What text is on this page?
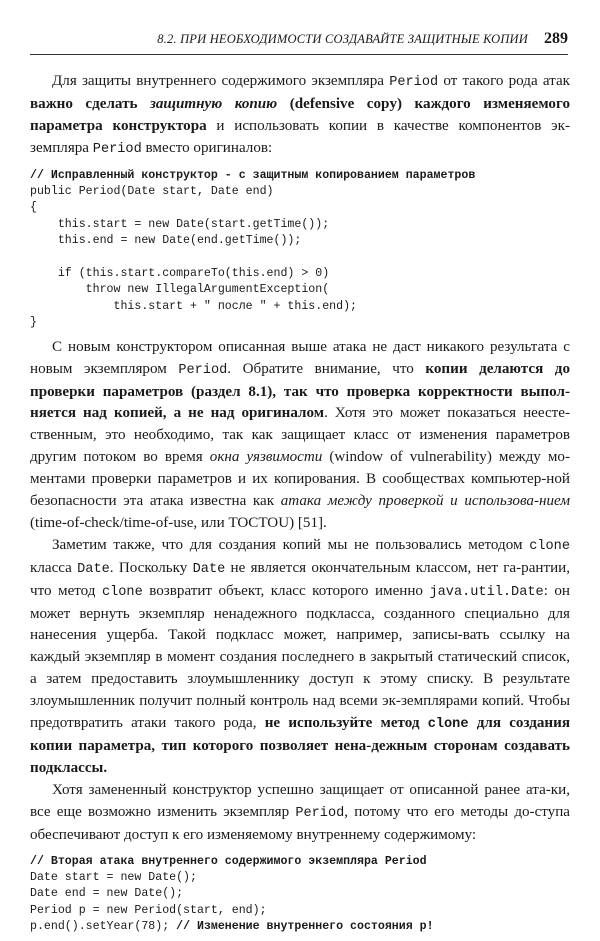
8.2. ПРИ НЕОБХОДИМОСТИ СОЗДАВАЙТЕ ЗАЩИТНЫЕ КОПИИ 289

Для защиты внутреннего содержимого экземпляра Period от такого рода атак важно сделать защитную копию (defensive copy) каждого изменяемого параметра конструктора и использовать копии в качестве компонентов эк-земпляра Period вместо оригиналов:

// Исправленный конструктор - с защитным копированием параметров
public Period(Date start, Date end)
{
this.start = new Date(start.getTime());
this.end = new Date(end.getTime());

if (this.start.compareTo(this.end) > 0)
throw new IllegalArgumentException(
this.start + " после " + this.end);
}

С новым конструктором описанная выше атака не даст никакого результата с новым экземпляром Period. Обратите внимание, что копии делаются до проверки параметров (раздел 8.1), так что проверка корректности выпол-няется над копией, а не над оригиналом. Хотя это может показаться неесте-ственным, это необходимо, так как защищает класс от изменения параметров другим потоком во время окна уязвимости (window of vulnerability) между мо-ментами проверки параметров и их копирования. В сообществах компьютер-ной безопасности эта атака известна как атака между проверкой и использова-нием (time-of-check/time-of-use, или TOCTOU) [51].

Заметим также, что для создания копий мы не пользовались методом clone класса Date. Поскольку Date не является окончательным классом, нет га-рантии, что метод clone возвратит объект, класс которого именно java.util.Date: он может вернуть экземпляр ненадежного подкласса, созданного специально для нанесения ущерба. Такой подкласс может, например, записы-вать ссылку на каждый экземпляр в момент создания последнего в закрытый статический список, а затем предоставить злоумышленнику доступ к этому списку. В результате злоумышленник получит полный контроль над всеми эк-земплярами копий. Чтобы предотвратить атаки такого рода, не используйте метод clone для создания копии параметра, тип которого позволяет нена-дежным сторонам создавать подклассы.

Хотя замененный конструктор успешно защищает от описанной ранее ата-ки, все еще возможно изменить экземпляр Period, потому что его методы до-ступа обеспечивают доступ к его изменяемому внутреннему содержимому:

// Вторая атака внутреннего содержимого экземпляра Period
Date start = new Date();
Date end = new Date();
Period p = new Period(start, end);
p.end().setYear(78); // Изменение внутреннего состояния p!
